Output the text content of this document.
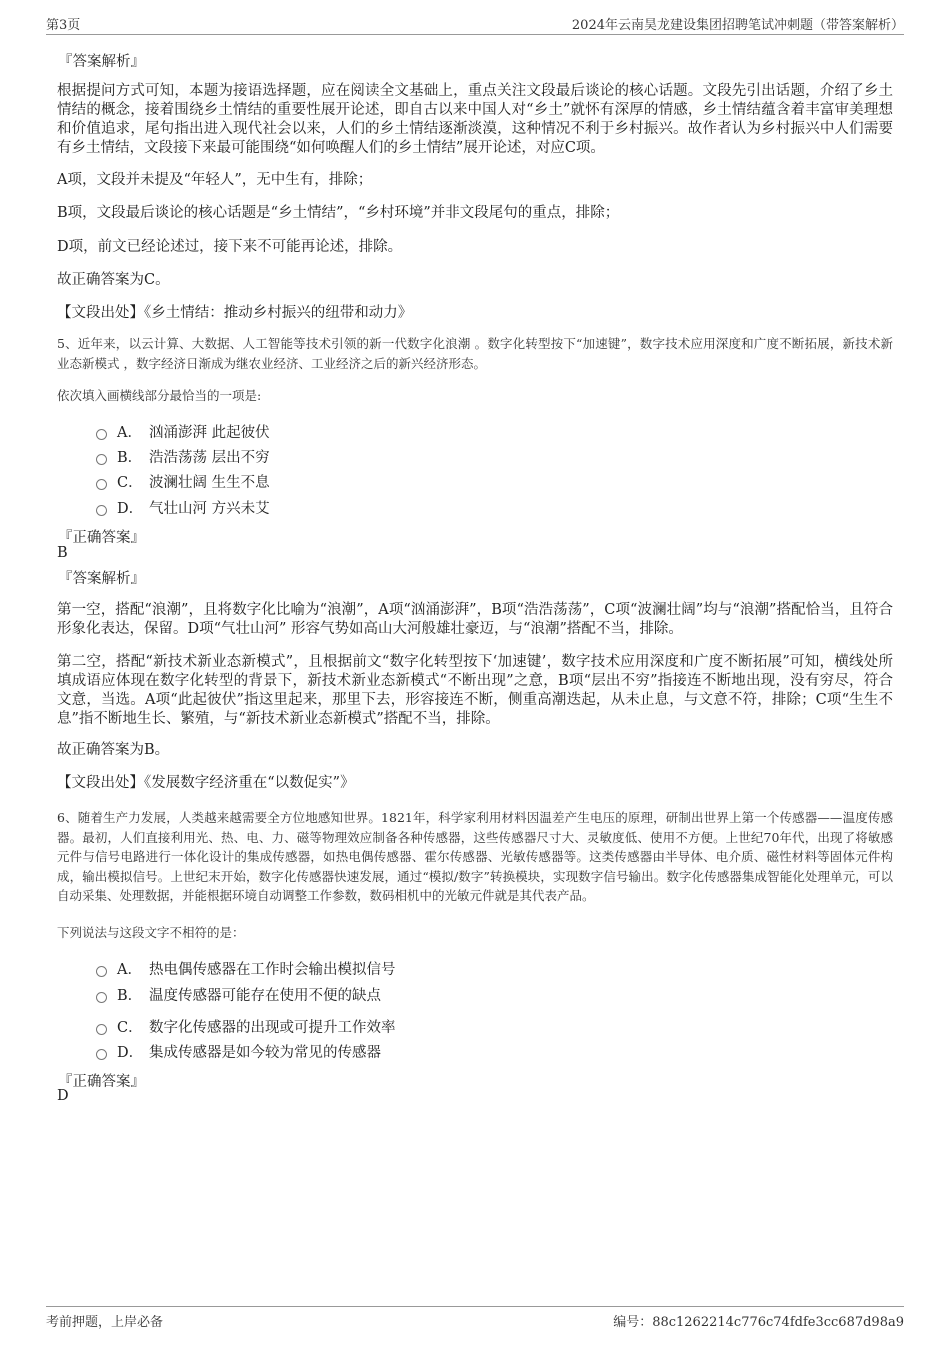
第3页	2024年云南昊龙建设集团招聘笔试冲刺题（带答案解析）
『答案解析』

根据提问方式可知，本题为接语选择题，应在阅读全文基础上，重点关注文段最后谈论的核心话题。文段先引出话题，介绍了乡土情结的概念，接着围绕乡土情结的重要性展开论述，即自古以来中国人对“乡土”就怀有深厚的情感，乡土情结蕴含着丰富审美理想和价值追求，尾句指出进入现代社会以来，人们的乡土情结逐渐淡漠，这种情况不利于乡村振兴。故作者认为乡村振兴中人们需要有乡土情结，文段接下来最可能围绕“如何唤醒人们的乡土情结”展开论述，对应C项。

A项，文段并未提及“年轻人”，无中生有，排除；
B项，文段最后谈论的核心话题是“乡土情结”，“乡村环境”并非文段尾句的重点，排除；
D项，前文已经论述过，接下来不可能再论述，排除。
故正确答案为C。
【文段出处】《乡土情结：推动乡村振兴的纽带和动力》

5、近年来，以云计算、大数据、人工智能等技术引领的新一代数字化浪潮 。数字化转型按下“加速键”，数字技术应用深度和广度不断拓展，新技术新业态新模式 ，数字经济日渐成为继农业经济、工业经济之后的新兴经济形态。

依次填入画横线部分最恰当的一项是:
A． 汹涌澎湃 此起彼伏
B． 浩浩荡荡 层出不穷
C． 波澜壮阔 生生不息
D． 气壮山河 方兴未艾
『正确答案』
B
『答案解析』

第一空，搭配“浪潮”，且将数字化比喻为“浪潮”，A项“汹涌澎湃”，B项“浩浩荡荡”，C项“波澜壮阔”均与“浪潮”搭配恰当，且符合形象化表达，保留。D项“气壮山河” 形容气势如高山大河般雄壮豪迈，与“浪潮”搭配不当，排除。

第二空，搭配“新技术新业态新模式”，且根据前文“数字化转型按下‘加速键’，数字技术应用深度和广度不断拓展”可知，横线处所填成语应体现在数字化转型的背景下，新技术新业态新模式“不断出现”之意，B项“层出不穷”指接连不断地出现，没有穷尽，符合文意，当选。A项“此起彼伏”指这里起来，那里下去，形容接连不断，侧重高潮迭起，从未止息，与文意不符，排除；C项“生生不息”指不断地生长、繁殖，与“新技术新业态新模式”搭配不当，排除。

故正确答案为B。
【文段出处】《发展数字经济重在“以数促实”》

6、随着生产力发展，人类越来越需要全方位地感知世界。1821年，科学家利用材料因温差产生电压的原理，研制出世界上第一个传感器——温度传感器。最初，人们直接利用光、热、电、力、磁等物理效应制备各种传感器，这些传感器尺寸大、灵敏度低、使用不方便。上世纪70年代，出现了将敏感元件与信号电路进行一体化设计的集成传感器，如热电偶传感器、霍尔传感器、光敏传感器等。这类传感器由半导体、电介质、磁性材料等固体元件构成，输出模拟信号。上世纪末开始，数字化传感器快速发展，通过“模拟/数字”转换模块，实现数字信号输出。数字化传感器集成智能化处理单元，可以自动采集、处理数据，并能根据环境自动调整工作参数，数码相机中的光敏元件就是其代表产品。

下列说法与这段文字不相符的是：
A． 热电偶传感器在工作时会输出模拟信号
B． 温度传感器可能存在使用不便的缺点
C． 数字化传感器的出现或可提升工作效率
D． 集成传感器是如今较为常见的传感器
『正确答案』
D
考前押题，上岸必备	编号：88c1262214c776c74fdfe3cc687d98a9
